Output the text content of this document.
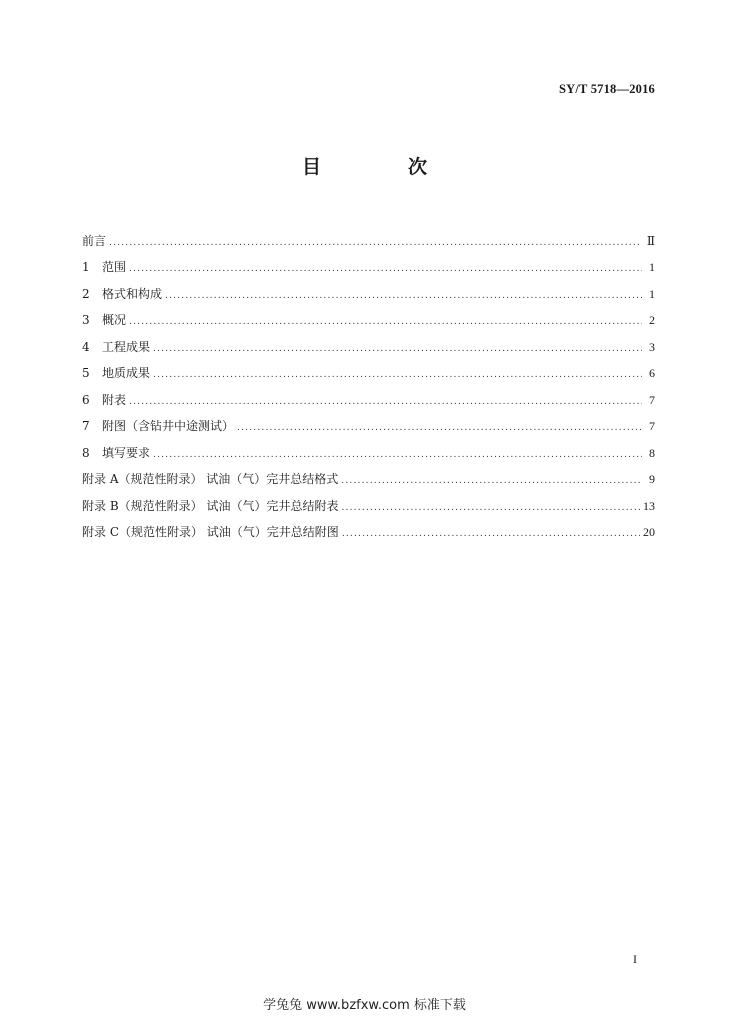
SY/T 5718—2016
目　次
前言 .....	Ⅱ
1 范围 .....	1
2 格式和构成 .....	1
3 概况 .....	2
4 工程成果 .....	3
5 地质成果 .....	6
6 附表 .....	7
7 附图（含钻井中途测试） .....	7
8 填写要求 .....	8
附录 A（规范性附录） 试油（气）完井总结格式 .....	9
附录 B（规范性附录） 试油（气）完井总结附表 .....	13
附录 C（规范性附录） 试油（气）完井总结附图 .....	20
I
学兔兔 www.bzfxw.com 标准下载
